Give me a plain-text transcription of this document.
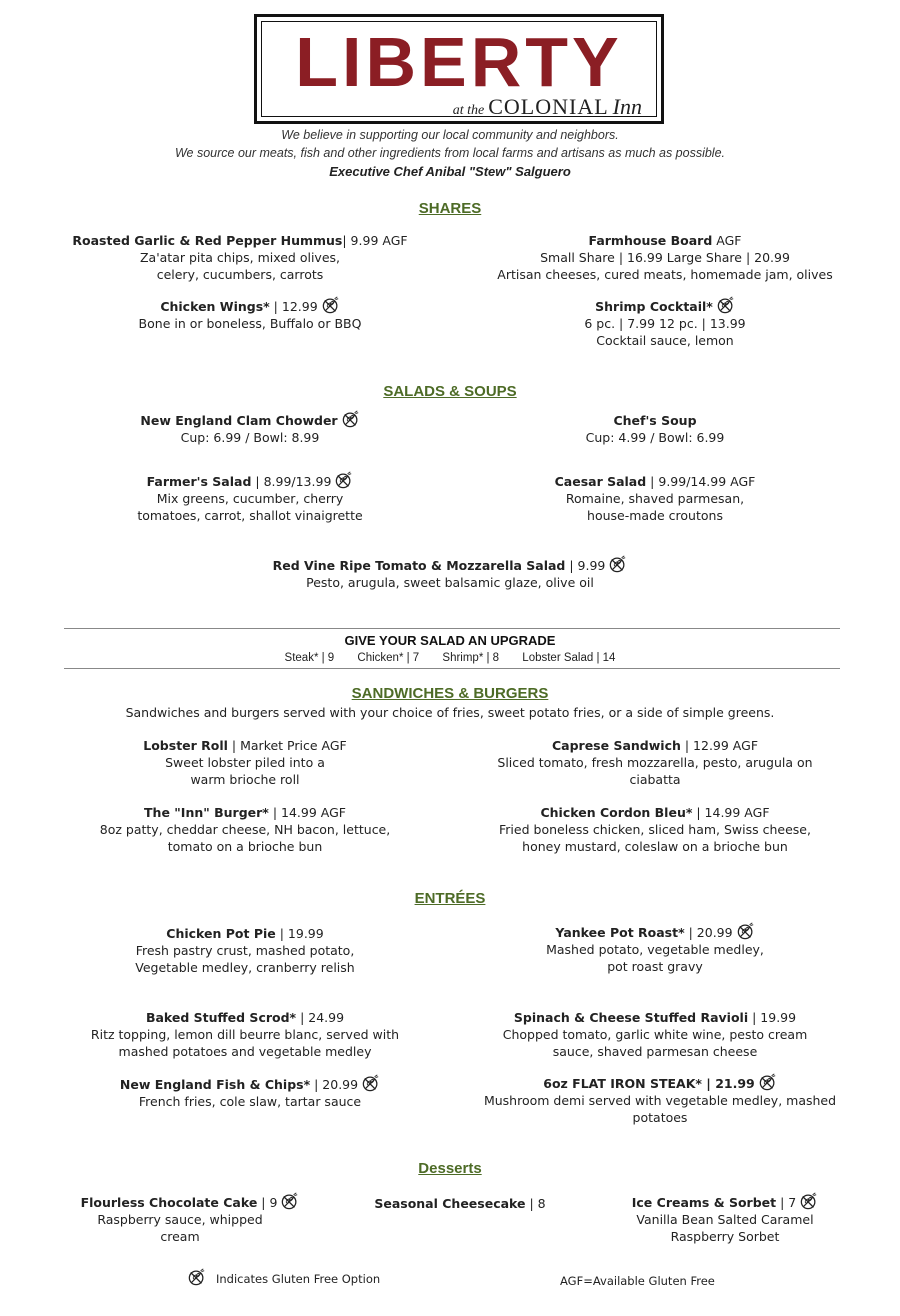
LIBERTY
at the COLONIAL Inn
We believe in supporting our local community and neighbors.
We source our meats, fish and other ingredients from local farms and artisans as much as possible.
Executive Chef Anibal "Stew" Salguero
SHARES
Roasted Garlic & Red Pepper Hummus| 9.99 AGF
Za'atar pita chips, mixed olives,
celery, cucumbers, carrots
Farmhouse Board AGF
Small Share | 16.99 Large Share | 20.99
Artisan cheeses, cured meats, homemade jam, olives
Chicken Wings* | 12.99
Bone in or boneless, Buffalo or BBQ
Shrimp Cocktail*
6 pc. | 7.99 12 pc. | 13.99
Cocktail sauce, lemon
SALADS & SOUPS
New England Clam Chowder
Cup: 6.99 / Bowl: 8.99
Chef's Soup
Cup: 4.99 / Bowl: 6.99
Farmer's Salad | 8.99/13.99
Mix greens, cucumber, cherry
tomatoes, carrot, shallot vinaigrette
Caesar Salad | 9.99/14.99 AGF
Romaine, shaved parmesan,
house-made croutons
Red Vine Ripe Tomato & Mozzarella Salad | 9.99
Pesto, arugula, sweet balsamic glaze, olive oil
GIVE YOUR SALAD AN UPGRADE
Steak* | 9 Chicken* | 7 Shrimp* | 8 Lobster Salad | 14
SANDWICHES & BURGERS
Sandwiches and burgers served with your choice of fries, sweet potato fries, or a side of simple greens.
Lobster Roll | Market Price AGF
Sweet lobster piled into a
warm brioche roll
Caprese Sandwich | 12.99 AGF
Sliced tomato, fresh mozzarella, pesto, arugula on
ciabatta
The "Inn" Burger* | 14.99 AGF
8oz patty, cheddar cheese, NH bacon, lettuce,
tomato on a brioche bun
Chicken Cordon Bleu* | 14.99 AGF
Fried boneless chicken, sliced ham, Swiss cheese,
honey mustard, coleslaw on a brioche bun
ENTRÉES
Chicken Pot Pie | 19.99
Fresh pastry crust, mashed potato,
Vegetable medley, cranberry relish
Yankee Pot Roast* | 20.99
Mashed potato, vegetable medley,
pot roast gravy
Baked Stuffed Scrod* | 24.99
Ritz topping, lemon dill beurre blanc, served with
mashed potatoes and vegetable medley
Spinach & Cheese Stuffed Ravioli | 19.99
Chopped tomato, garlic white wine, pesto cream
sauce, shaved parmesan cheese
New England Fish & Chips* | 20.99
French fries, cole slaw, tartar sauce
6oz FLAT IRON STEAK* | 21.99
Mushroom demi served with vegetable medley, mashed
potatoes
Desserts
Flourless Chocolate Cake | 9
Raspberry sauce, whipped
cream
Seasonal Cheesecake | 8	Ice Creams & Sorbet | 7
Vanilla Bean Salted Caramel
Raspberry Sorbet
Indicates Gluten Free Option	AGF=Available Gluten Free
